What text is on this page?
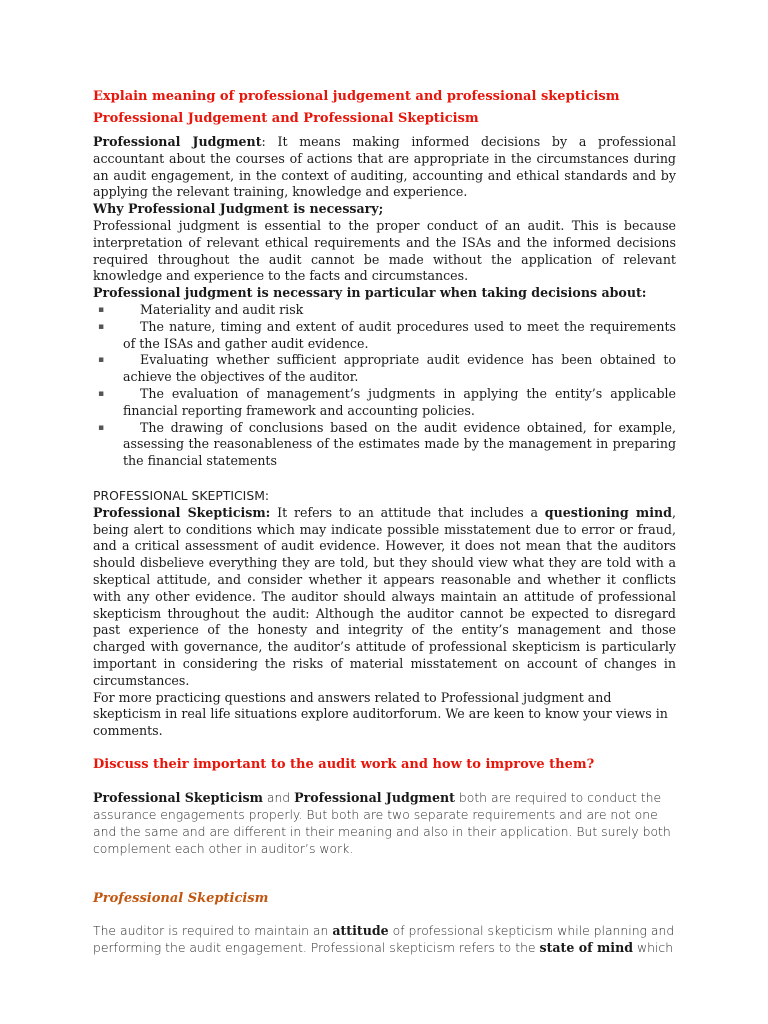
Explain meaning of professional judgement and professional skepticism
Professional Judgement and Professional Skepticism
Professional Judgment: It means making informed decisions by a professional accountant about the courses of actions that are appropriate in the circumstances during an audit engagement, in the context of auditing, accounting and ethical standards and by applying the relevant training, knowledge and experience.
Why Professional Judgment is necessary;
Professional judgment is essential to the proper conduct of an audit. This is because interpretation of relevant ethical requirements and the ISAs and the informed decisions required throughout the audit cannot be made without the application of relevant knowledge and experience to the facts and circumstances.
Professional judgment is necessary in particular when taking decisions about:
▪	Materiality and audit risk
▪	The nature, timing and extent of audit procedures used to meet the requirements of the ISAs and gather audit evidence.
▪	Evaluating whether sufficient appropriate audit evidence has been obtained to achieve the objectives of the auditor.
▪	The evaluation of management’s judgments in applying the entity’s applicable financial reporting framework and accounting policies.
▪	The drawing of conclusions based on the audit evidence obtained, for example, assessing the reasonableness of the estimates made by the management in preparing the financial statements
PROFESSIONAL SKEPTICISM:
Professional Skepticism: It refers to an attitude that includes a questioning mind, being alert to conditions which may indicate possible misstatement due to error or fraud, and a critical assessment of audit evidence. However, it does not mean that the auditors should disbelieve everything they are told, but they should view what they are told with a skeptical attitude, and consider whether it appears reasonable and whether it conflicts with any other evidence. The auditor should always maintain an attitude of professional skepticism throughout the audit: Although the auditor cannot be expected to disregard past experience of the honesty and integrity of the entity’s management and those charged with governance, the auditor’s attitude of professional skepticism is particularly important in considering the risks of material misstatement on account of changes in circumstances.
For more practicing questions and answers related to Professional judgment and skepticism in real life situations explore auditorforum. We are keen to know your views in comments.
Discuss their important to the audit work and how to improve them?
Professional Skepticism and Professional Judgment both are required to conduct the assurance engagements properly. But both are two separate requirements and are not one and the same and are different in their meaning and also in their application. But surely both complement each other in auditor’s work.
Professional Skepticism
The auditor is required to maintain an attitude of professional skepticism while planning and performing the audit engagement. Professional skepticism refers to the state of mind which
